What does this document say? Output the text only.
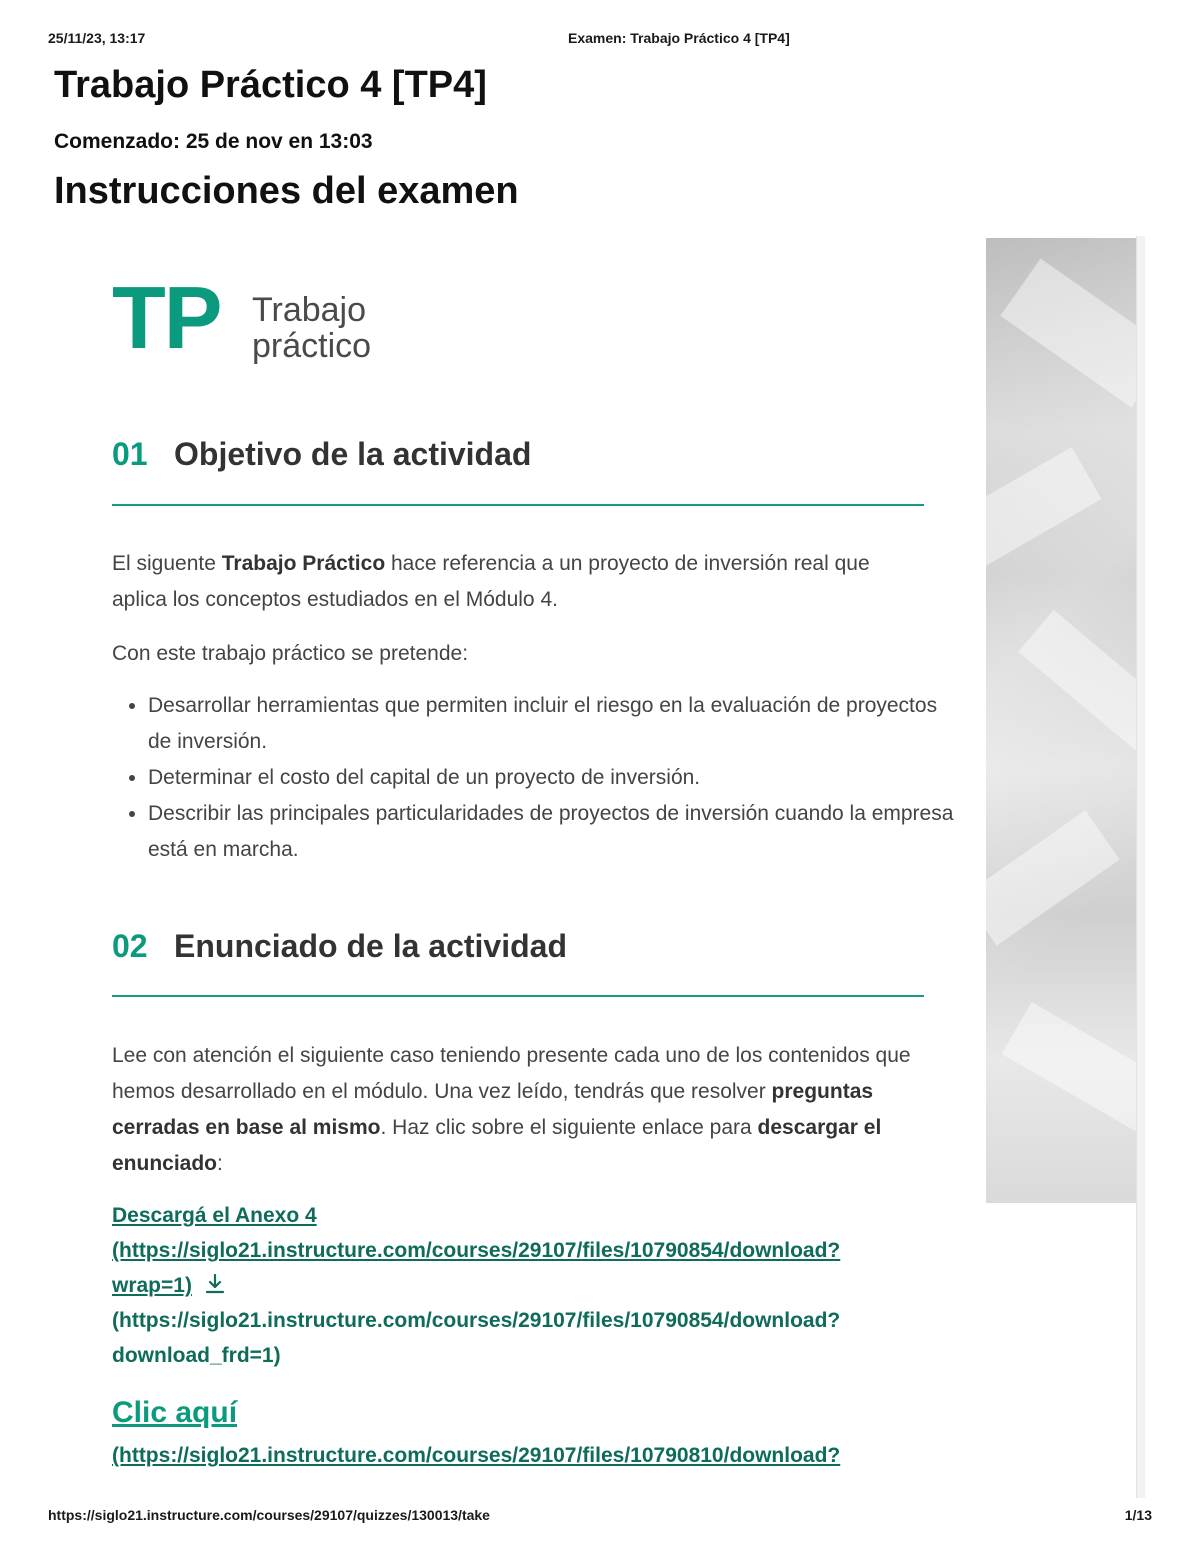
25/11/23, 13:17	Examen: Trabajo Práctico 4 [TP4]
Trabajo Práctico 4 [TP4]
Comenzado: 25 de nov en 13:03
Instrucciones del examen
TP Trabajo
práctico
01 Objetivo de la actividad
El siguente Trabajo Práctico hace referencia a un proyecto de inversión real que aplica los conceptos estudiados en el Módulo 4.
Con este trabajo práctico se pretende:
• Desarrollar herramientas que permiten incluir el riesgo en la evaluación de proyectos de inversión.
• Determinar el costo del capital de un proyecto de inversión.
• Describir las principales particularidades de proyectos de inversión cuando la empresa está en marcha.
02 Enunciado de la actividad
Lee con atención el siguiente caso teniendo presente cada uno de los contenidos que hemos desarrollado en el módulo. Una vez leído, tendrás que resolver preguntas cerradas en base al mismo. Haz clic sobre el siguiente enlace para descargar el enunciado:
Descargá el Anexo 4
(https://siglo21.instructure.com/courses/29107/files/10790854/download?
wrap=1)
(https://siglo21.instructure.com/courses/29107/files/10790854/download?
download_frd=1)
Clic aquí
(https://siglo21.instructure.com/courses/29107/files/10790810/download?
https://siglo21.instructure.com/courses/29107/quizzes/130013/take	1/13
